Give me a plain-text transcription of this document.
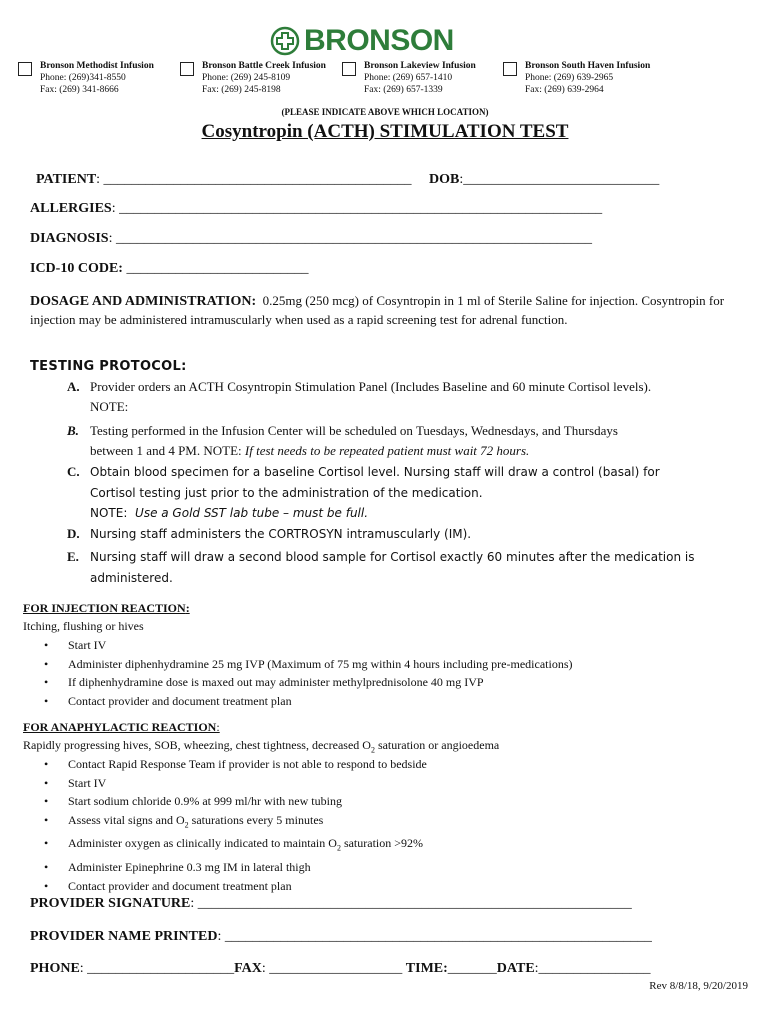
BRONSON
Bronson Methodist Infusion
Phone: (269)341-8550
Fax: (269) 341-8666
Bronson Battle Creek Infusion
Phone: (269) 245-8109
Fax: (269) 245-8198
Bronson Lakeview Infusion
Phone: (269) 657-1410
Fax: (269) 657-1339
Bronson South Haven Infusion
Phone: (269) 639-2965
Fax: (269) 639-2964
(PLEASE INDICATE ABOVE WHICH LOCATION)
Cosyntropin (ACTH) STIMULATION TEST
PATIENT: ____________________________________________ DOB:____________________________
ALLERGIES: _____________________________________________________________________
DIAGNOSIS: ____________________________________________________________________
ICD-10 CODE: __________________________
DOSAGE AND ADMINISTRATION: 0.25mg (250 mcg) of Cosyntropin in 1 ml of Sterile Saline for injection. Cosyntropin for injection may be administered intramuscularly when used as a rapid screening test for adrenal function.
TESTING PROTOCOL:
A. Provider orders an ACTH Cosyntropin Stimulation Panel (Includes Baseline and 60 minute Cortisol levels).
NOTE:
B. Testing performed in the Infusion Center will be scheduled on Tuesdays, Wednesdays, and Thursdays
between 1 and 4 PM. NOTE: If test needs to be repeated patient must wait 72 hours.
C. Obtain blood specimen for a baseline Cortisol level. Nursing staff will draw a control (basal) for
Cortisol testing just prior to the administration of the medication.
NOTE: Use a Gold SST lab tube – must be full.
D. Nursing staff administers the CORTROSYN intramuscularly (IM).
E. Nursing staff will draw a second blood sample for Cortisol exactly 60 minutes after the medication is
administered.
FOR INJECTION REACTION:
Itching, flushing or hives
• Start IV
• Administer diphenhydramine 25 mg IVP (Maximum of 75 mg within 4 hours including pre-medications)
• If diphenhydramine dose is maxed out may administer methylprednisolone 40 mg IVP
• Contact provider and document treatment plan
FOR ANAPHYLACTIC REACTION:
Rapidly progressing hives, SOB, wheezing, chest tightness, decreased $O_2$ saturation or angioedema
• Contact Rapid Response Team if provider is not able to respond to bedside
• Start IV
• Start sodium chloride 0.9% at 999 ml/hr with new tubing
• Assess vital signs and $O_2$ saturations every 5 minutes
• Administer oxygen as clinically indicated to maintain $O_2$ saturation >92%
• Administer Epinephrine 0.3 mg IM in lateral thigh
• Contact provider and document treatment plan
PROVIDER SIGNATURE: ______________________________________________________________
PROVIDER NAME PRINTED: _____________________________________________________________
PHONE: _____________________FAX: ___________________ TIME:_______DATE:________________
Rev 8/8/18, 9/20/2019
